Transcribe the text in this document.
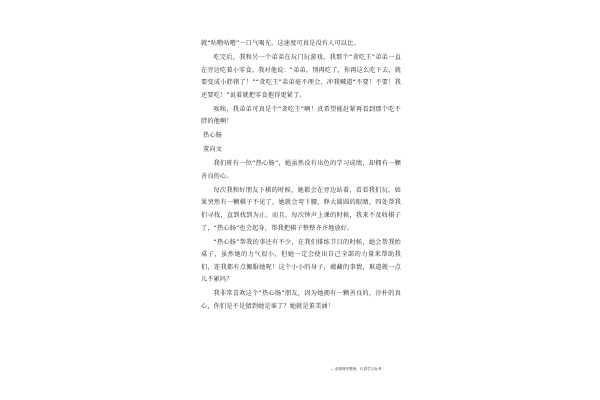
就“咕噜咕噜”一口气喝光，这速度可真是没有人可以比。

吃完后，我和另一个弟弟在玩门玩游戏，我那个“贪吃王”弟弟一直在旁边吃着小零食。我对他说：“弟弟，别再吃了，你再这么吃下去，就要变成小胖猪了！”“贪吃王”弟弟毫不理会，冲我喊道“不要！不要！我还要吃！”说着就把零食抱得更紧了。

唉唉，我弟弟可真是个“贪吃王”啊！真希望能赶紧再看到那个吃不胖的他啊！

热心肠

董向文

我们班有一位“热心肠”，她虽然没有出色的学习成绩，却拥有一颗善良的心。

每次我和好朋友下棋的时候，她都会在旁边站着，看看我们玩。如果突然有一颗棋子不见了，她就会弯下腰，睁大圆圆的眼睛，四处帮我们寻找，直到找到为止。而且，每次钟声上课的时候，我来不及收棋子了，“热心肠”也会起身，帮我把棋子整整齐齐地放好。

“热心肠”帮我的事还有不少，在我们排练节目的时候，她会帮我抬桌子，虽然她的力气很小，但她一定会使出自己全部的力量来帮助我们，连我都有点佩服她呢！这个小小的身子，蕴藏的事情，难道就一点儿不累吗？

我非常喜欢这个“热心肠”朋友，因为她拥有一颗善良的，淳朴的真心，你们是不是猜到她是谁了？她就是董美涵！

— 来源网络整理，仅供学习参考
